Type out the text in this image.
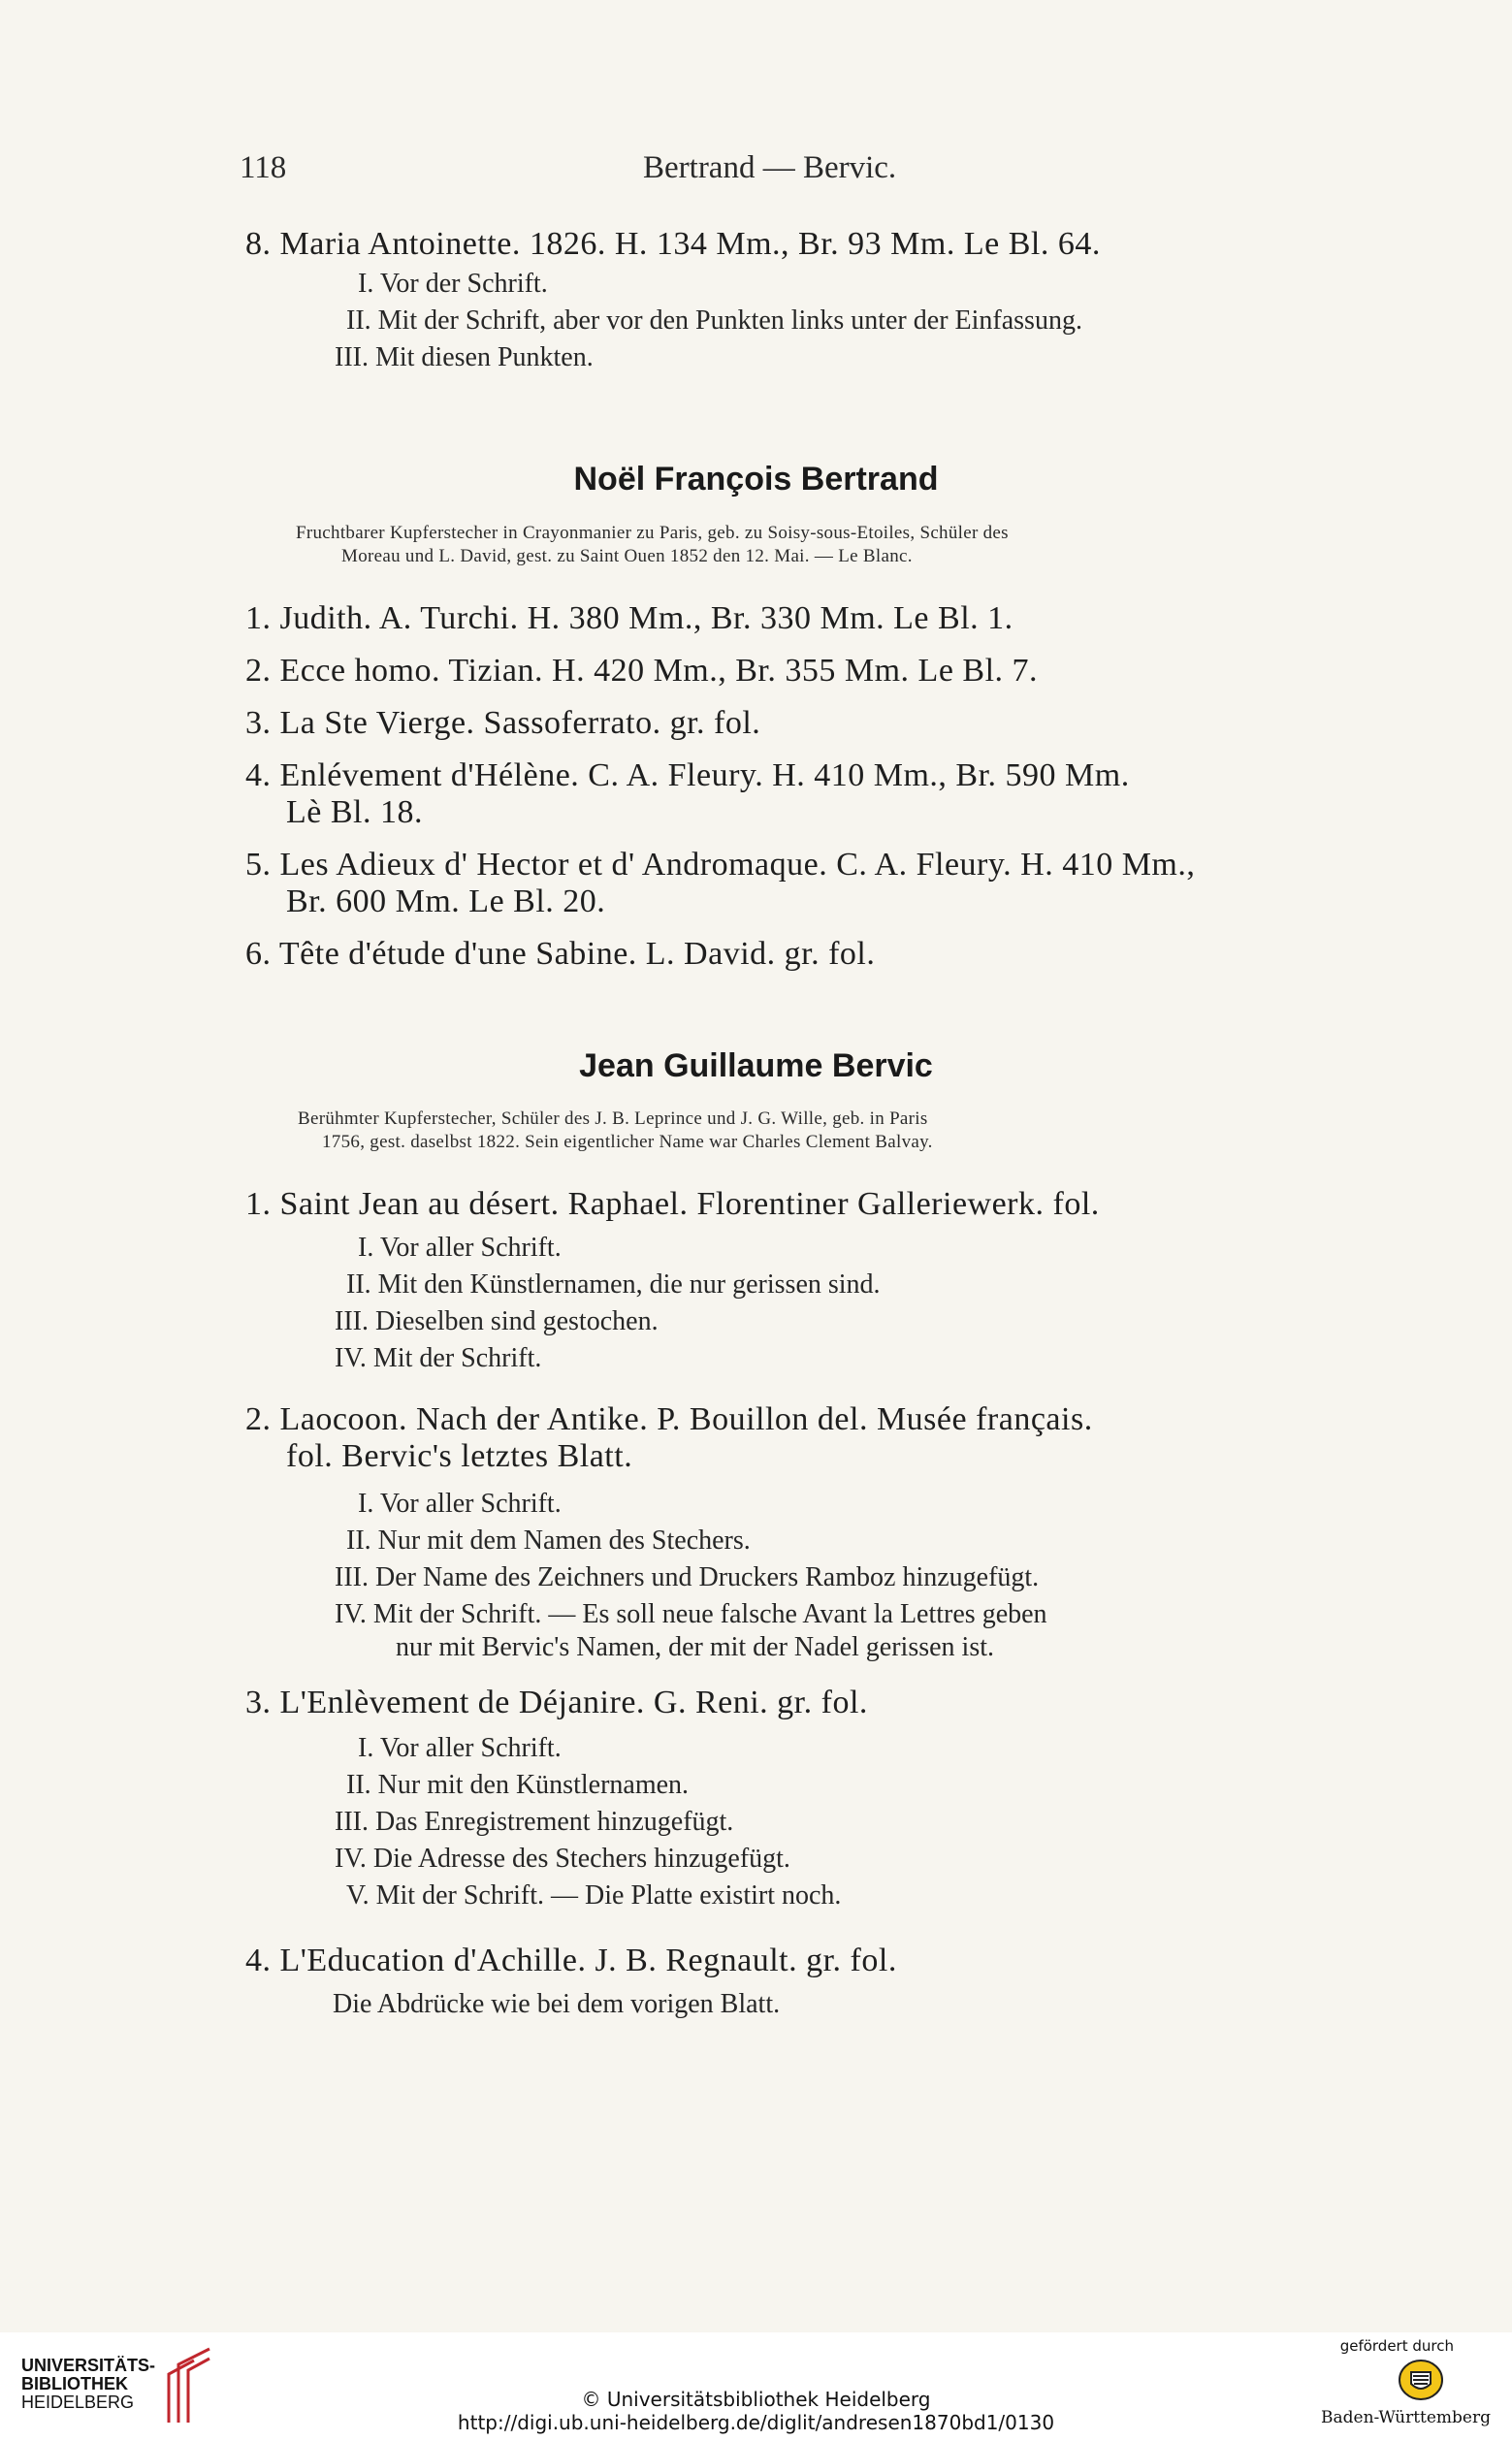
118	Bertrand — Bervic.
8. Maria Antoinette. 1826. H. 134 Mm., Br. 93 Mm. Le Bl. 64.
I. Vor der Schrift.
II. Mit der Schrift, aber vor den Punkten links unter der Einfassung.
III. Mit diesen Punkten.
Noël François Bertrand
Fruchtbarer Kupferstecher in Crayonmanier zu Paris, geb. zu Soisy-sous-Etoiles, Schüler des
Moreau und L. David, gest. zu Saint Ouen 1852 den 12. Mai. — Le Blanc.
1. Judith. A. Turchi. H. 380 Mm., Br. 330 Mm. Le Bl. 1.
2. Ecce homo. Tizian. H. 420 Mm., Br. 355 Mm. Le Bl. 7.
3. La Ste Vierge. Sassoferrato. gr. fol.
4. Enlévement d'Hélène. C. A. Fleury. H. 410 Mm., Br. 590 Mm.
Lè Bl. 18.
5. Les Adieux d' Hector et d' Andromaque. C. A. Fleury. H. 410 Mm.,
Br. 600 Mm. Le Bl. 20.
6. Tête d'étude d'une Sabine. L. David. gr. fol.
Jean Guillaume Bervic
Berühmter Kupferstecher, Schüler des J. B. Leprince und J. G. Wille, geb. in Paris
1756, gest. daselbst 1822. Sein eigentlicher Name war Charles Clement Balvay.
1. Saint Jean au désert. Raphael. Florentiner Galleriewerk. fol.
I. Vor aller Schrift.
II. Mit den Künstlernamen, die nur gerissen sind.
III. Dieselben sind gestochen.
IV. Mit der Schrift.
2. Laocoon. Nach der Antike. P. Bouillon del. Musée français.
fol. Bervic's letztes Blatt.
I. Vor aller Schrift.
II. Nur mit dem Namen des Stechers.
III. Der Name des Zeichners und Druckers Ramboz hinzugefügt.
IV. Mit der Schrift. — Es soll neue falsche Avant la Lettres geben
nur mit Bervic's Namen, der mit der Nadel gerissen ist.
3. L'Enlèvement de Déjanire. G. Reni. gr. fol.
I. Vor aller Schrift.
II. Nur mit den Künstlernamen.
III. Das Enregistrement hinzugefügt.
IV. Die Adresse des Stechers hinzugefügt.
V. Mit der Schrift. — Die Platte existirt noch.
4. L'Education d'Achille. J. B. Regnault. gr. fol.
Die Abdrücke wie bei dem vorigen Blatt.
UNIVERSITÄTS-
BIBLIOTHEK
HEIDELBERG	© Universitätsbibliothek Heidelberg
http://digi.ub.uni-heidelberg.de/diglit/andresen1870bd1/0130
gefördert durch
Baden-Württemberg
